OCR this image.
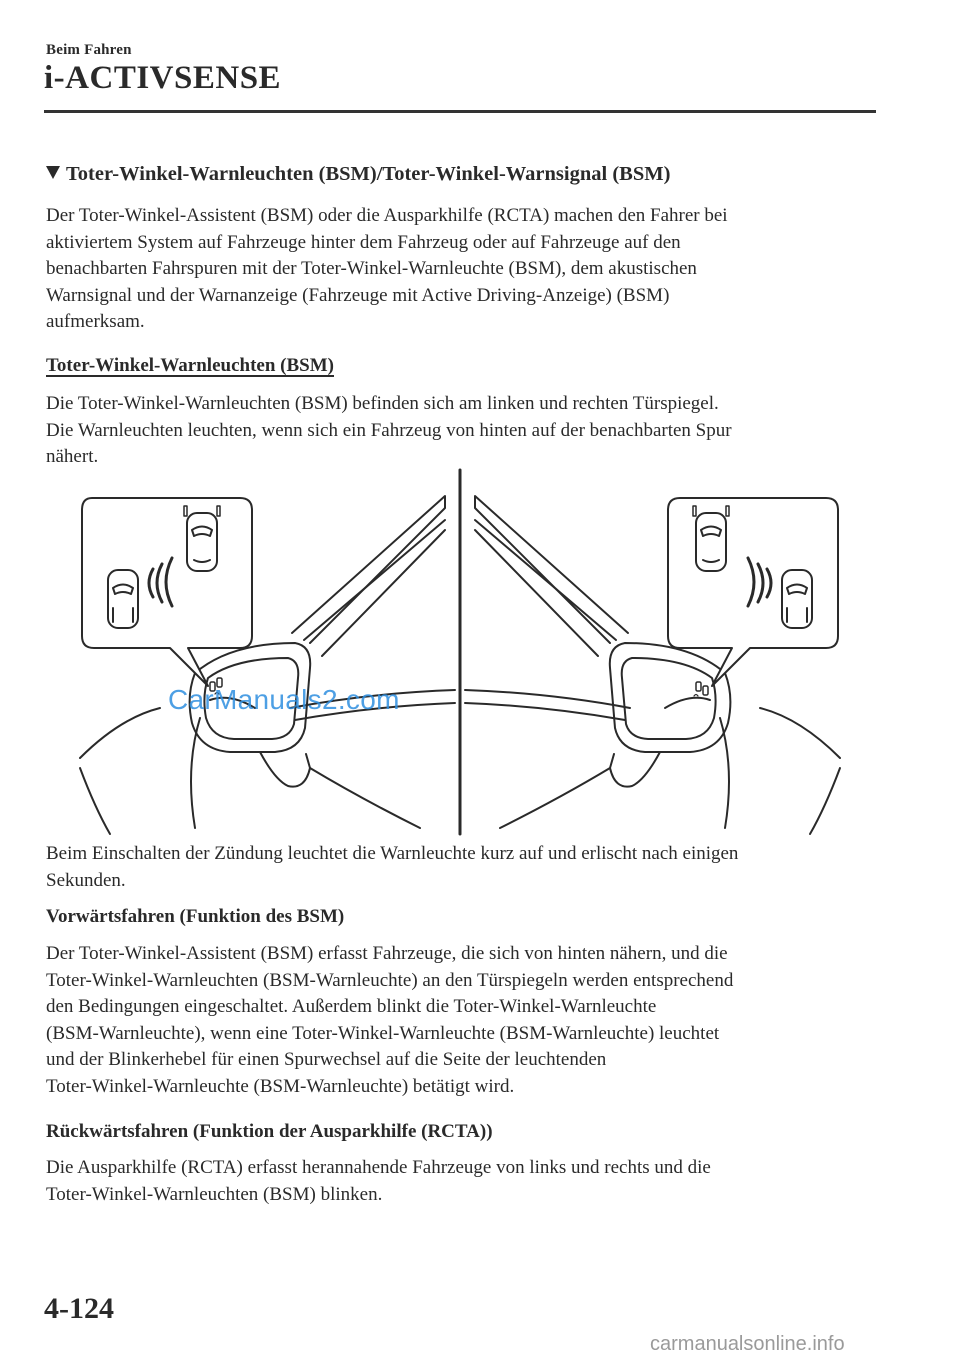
Beim Fahren
i-ACTIVSENSE
Toter-Winkel-Warnleuchten (BSM)/Toter-Winkel-Warnsignal (BSM)

Der Toter-Winkel-Assistent (BSM) oder die Ausparkhilfe (RCTA) machen den Fahrer bei
aktiviertem System auf Fahrzeuge hinter dem Fahrzeug oder auf Fahrzeuge auf den
benachbarten Fahrspuren mit der Toter-Winkel-Warnleuchte (BSM), dem akustischen
Warnsignal und der Warnanzeige (Fahrzeuge mit Active Driving-Anzeige) (BSM)
aufmerksam.

Toter-Winkel-Warnleuchten (BSM)

Die Toter-Winkel-Warnleuchten (BSM) befinden sich am linken und rechten Türspiegel.
Die Warnleuchten leuchten, wenn sich ein Fahrzeug von hinten auf der benachbarten Spur
nähert.

CarManuals2.com

Beim Einschalten der Zündung leuchtet die Warnleuchte kurz auf und erlischt nach einigen
Sekunden.

Vorwärtsfahren (Funktion des BSM)

Der Toter-Winkel-Assistent (BSM) erfasst Fahrzeuge, die sich von hinten nähern, und die
Toter-Winkel-Warnleuchten (BSM-Warnleuchte) an den Türspiegeln werden entsprechend
den Bedingungen eingeschaltet. Außerdem blinkt die Toter-Winkel-Warnleuchte
(BSM-Warnleuchte), wenn eine Toter-Winkel-Warnleuchte (BSM-Warnleuchte) leuchtet
und der Blinkerhebel für einen Spurwechsel auf die Seite der leuchtenden
Toter-Winkel-Warnleuchte (BSM-Warnleuchte) betätigt wird.

Rückwärtsfahren (Funktion der Ausparkhilfe (RCTA))

Die Ausparkhilfe (RCTA) erfasst herannahende Fahrzeuge von links und rechts und die
Toter-Winkel-Warnleuchten (BSM) blinken.

4-124
carmanualsonline.info
